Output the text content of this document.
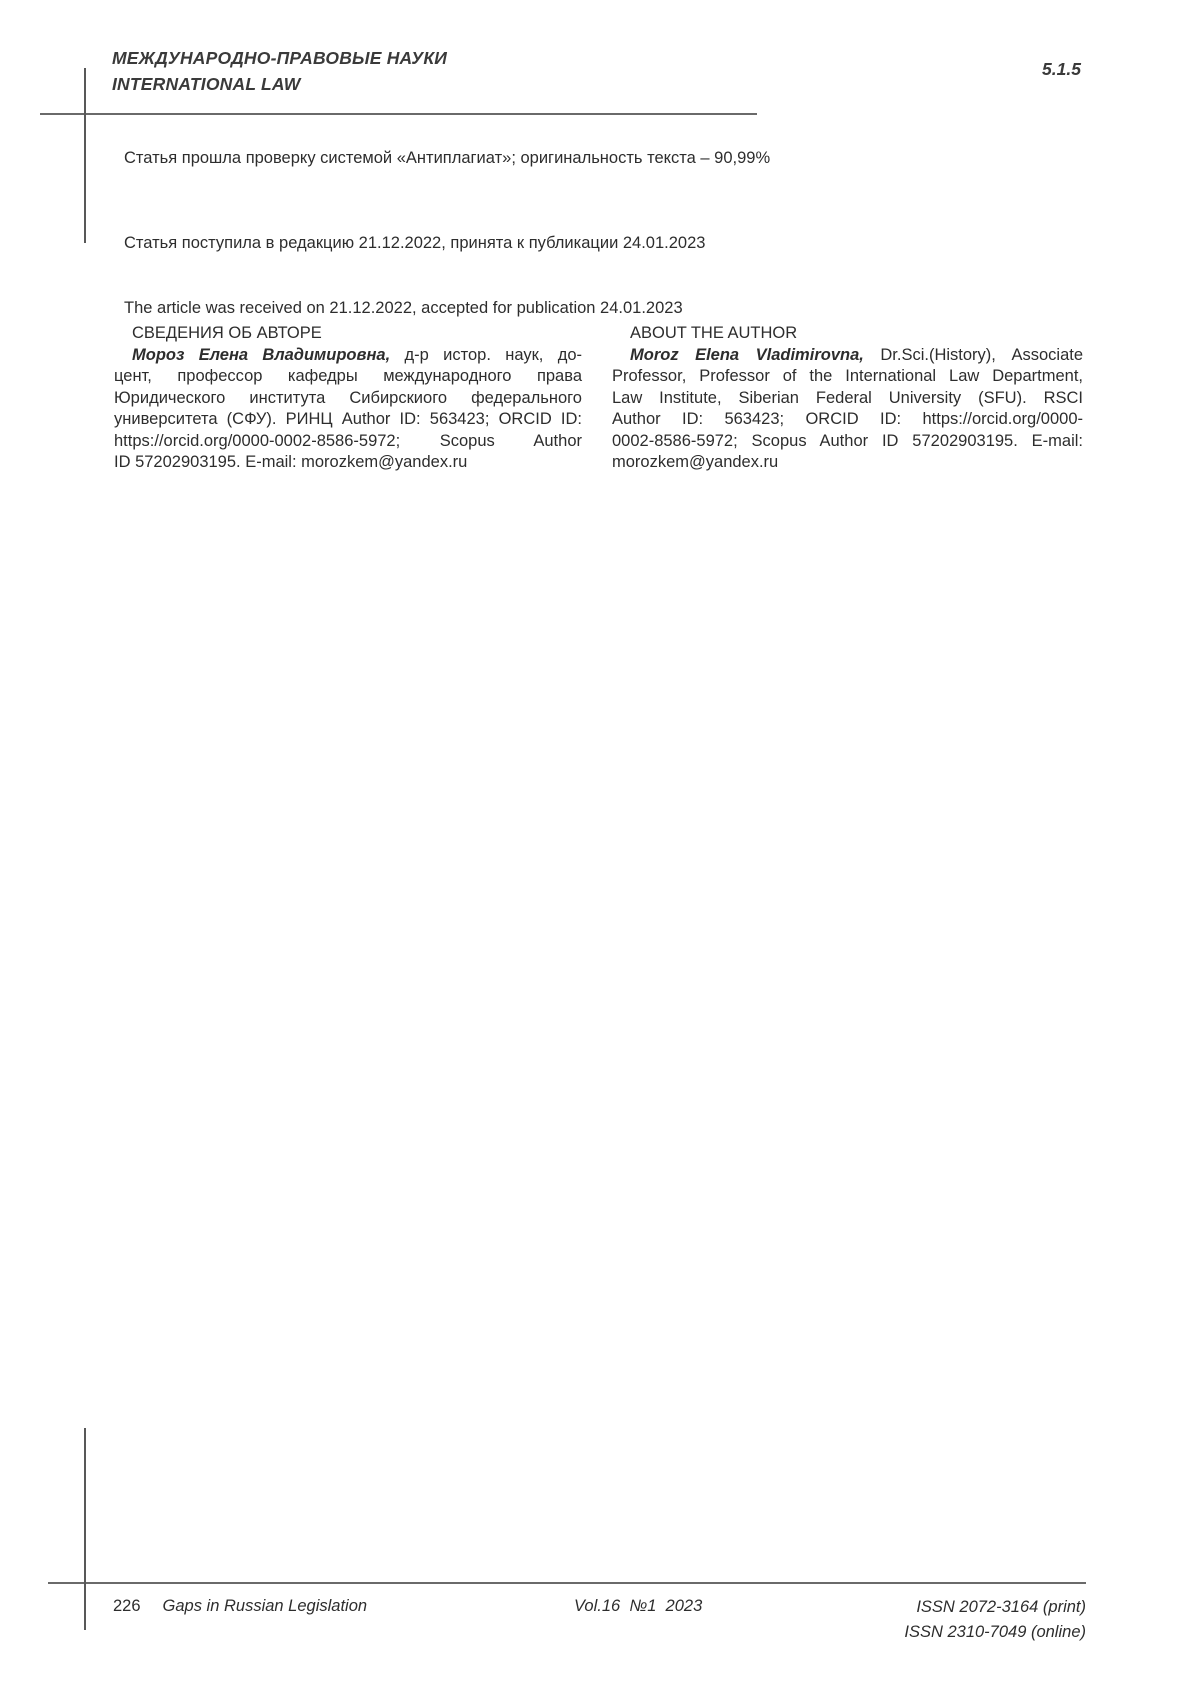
МЕЖДУНАРОДНО-ПРАВОВЫЕ НАУКИ
INTERNATIONAL LAW
5.1.5
Статья прошла проверку системой «Антиплагиат»; оригинальность текста – 90,99%

Статья поступила в редакцию 21.12.2022, принята к публикации 24.01.2023

The article was received on 21.12.2022, accepted for publication 24.01.2023

СВЕДЕНИЯ ОБ АВТОРЕ
Мороз Елена Владимировна, д-р истор. наук, до-
цент, профессор кафедры международного права
Юридического института Сибирскиого федерального
университета (СФУ). РИНЦ Author ID: 563423; ORCID ID:
https://orcid.org/0000-0002-8586-5972; Scopus Author
ID 57202903195. E-mail: morozkem@yandex.ru
ABOUT THE AUTHOR
Moroz Elena Vladimirovna, Dr.Sci.(History), Associate
Professor, Professor of the International Law Department,
Law Institute, Siberian Federal University (SFU). RSCI
Author ID: 563423; ORCID ID: https://orcid.org/0000-
0002-8586-5972; Scopus Author ID 57202903195. E-mail:
morozkem@yandex.ru
226 Gaps in Russian Legislation	Vol.16  №1  2023	ISSN 2072-3164 (print)
ISSN 2310-7049 (online)
